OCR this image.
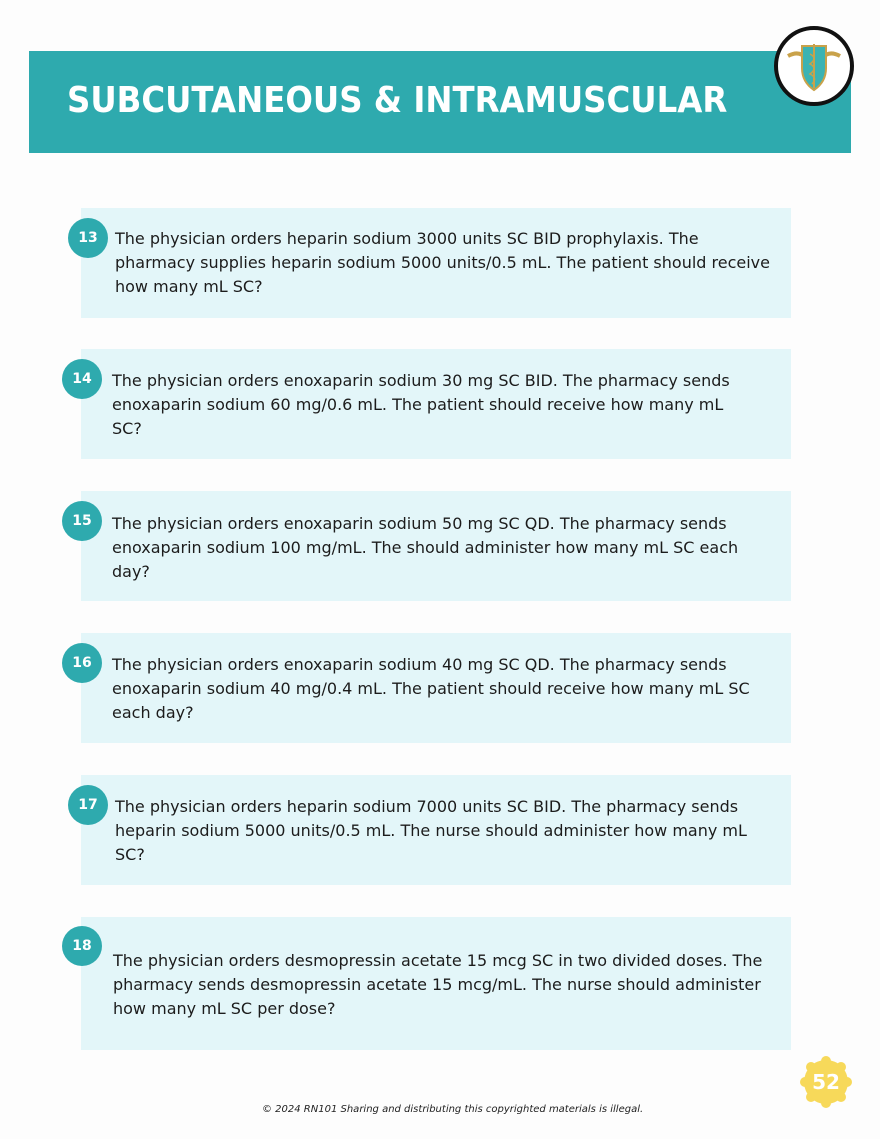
SUBCUTANEOUS & INTRAMUSCULAR
13	The physician orders heparin sodium 3000 units SC BID prophylaxis. The pharmacy supplies heparin sodium 5000 units/0.5 mL. The patient should receive how many mL SC?
14	The physician orders enoxaparin sodium 30 mg SC BID. The pharmacy sends enoxaparin sodium 60 mg/0.6 mL. The patient should receive how many mL SC?
15	The physician orders enoxaparin sodium 50 mg SC QD. The pharmacy sends enoxaparin sodium 100 mg/mL. The should administer how many mL SC each day?
16	The physician orders enoxaparin sodium 40 mg SC QD. The pharmacy sends enoxaparin sodium 40 mg/0.4 mL. The patient should receive how many mL SC each day?
17	The physician orders heparin sodium 7000 units SC BID. The pharmacy sends heparin sodium 5000 units/0.5 mL. The nurse should administer how many mL SC?
18
The physician orders desmopressin acetate 15 mcg SC in two divided doses. The pharmacy sends desmopressin acetate 15 mcg/mL. The nurse should administer how many mL SC per dose?
52
© 2024 RN101 Sharing and distributing this copyrighted materials is illegal.
